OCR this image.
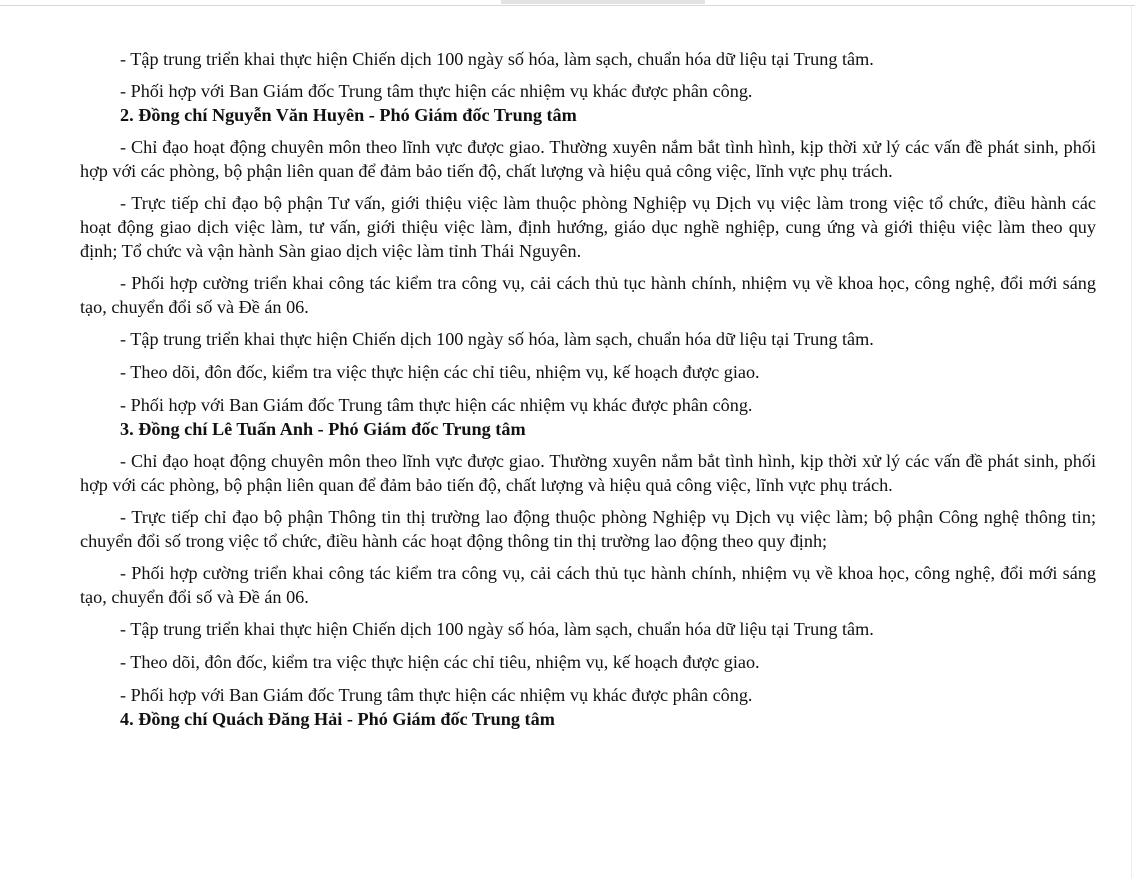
- Tập trung triển khai thực hiện Chiến dịch 100 ngày số hóa, làm sạch, chuẩn hóa dữ liệu tại Trung tâm.

- Phối hợp với Ban Giám đốc Trung tâm thực hiện các nhiệm vụ khác được phân công.

2. Đồng chí Nguyễn Văn Huyên - Phó Giám đốc Trung tâm

- Chỉ đạo hoạt động chuyên môn theo lĩnh vực được giao. Thường xuyên nắm bắt tình hình, kịp thời xử lý các vấn đề phát sinh, phối hợp với các phòng, bộ phận liên quan để đảm bảo tiến độ, chất lượng và hiệu quả công việc, lĩnh vực phụ trách.

- Trực tiếp chỉ đạo bộ phận Tư vấn, giới thiệu việc làm thuộc phòng Nghiệp vụ Dịch vụ việc làm trong việc tổ chức, điều hành các hoạt động giao dịch việc làm, tư vấn, giới thiệu việc làm, định hướng, giáo dục nghề nghiệp, cung ứng và giới thiệu việc làm theo quy định; Tổ chức và vận hành Sàn giao dịch việc làm tỉnh Thái Nguyên.

- Phối hợp cường triển khai công tác kiểm tra công vụ, cải cách thủ tục hành chính, nhiệm vụ về khoa học, công nghệ, đổi mới sáng tạo, chuyển đổi số và Đề án 06.

- Tập trung triển khai thực hiện Chiến dịch 100 ngày số hóa, làm sạch, chuẩn hóa dữ liệu tại Trung tâm.

- Theo dõi, đôn đốc, kiểm tra việc thực hiện các chỉ tiêu, nhiệm vụ, kế hoạch được giao.

- Phối hợp với Ban Giám đốc Trung tâm thực hiện các nhiệm vụ khác được phân công.

3. Đồng chí Lê Tuấn Anh - Phó Giám đốc Trung tâm

- Chỉ đạo hoạt động chuyên môn theo lĩnh vực được giao. Thường xuyên nắm bắt tình hình, kịp thời xử lý các vấn đề phát sinh, phối hợp với các phòng, bộ phận liên quan để đảm bảo tiến độ, chất lượng và hiệu quả công việc, lĩnh vực phụ trách.

- Trực tiếp chỉ đạo bộ phận Thông tin thị trường lao động thuộc phòng Nghiệp vụ Dịch vụ việc làm; bộ phận Công nghệ thông tin; chuyển đổi số trong việc tổ chức, điều hành các hoạt động thông tin thị trường lao động theo quy định;

- Phối hợp cường triển khai công tác kiểm tra công vụ, cải cách thủ tục hành chính, nhiệm vụ về khoa học, công nghệ, đổi mới sáng tạo, chuyển đổi số và Đề án 06.

- Tập trung triển khai thực hiện Chiến dịch 100 ngày số hóa, làm sạch, chuẩn hóa dữ liệu tại Trung tâm.

- Theo dõi, đôn đốc, kiểm tra việc thực hiện các chỉ tiêu, nhiệm vụ, kế hoạch được giao.

- Phối hợp với Ban Giám đốc Trung tâm thực hiện các nhiệm vụ khác được phân công.

4. Đồng chí Quách Đăng Hải - Phó Giám đốc Trung tâm
